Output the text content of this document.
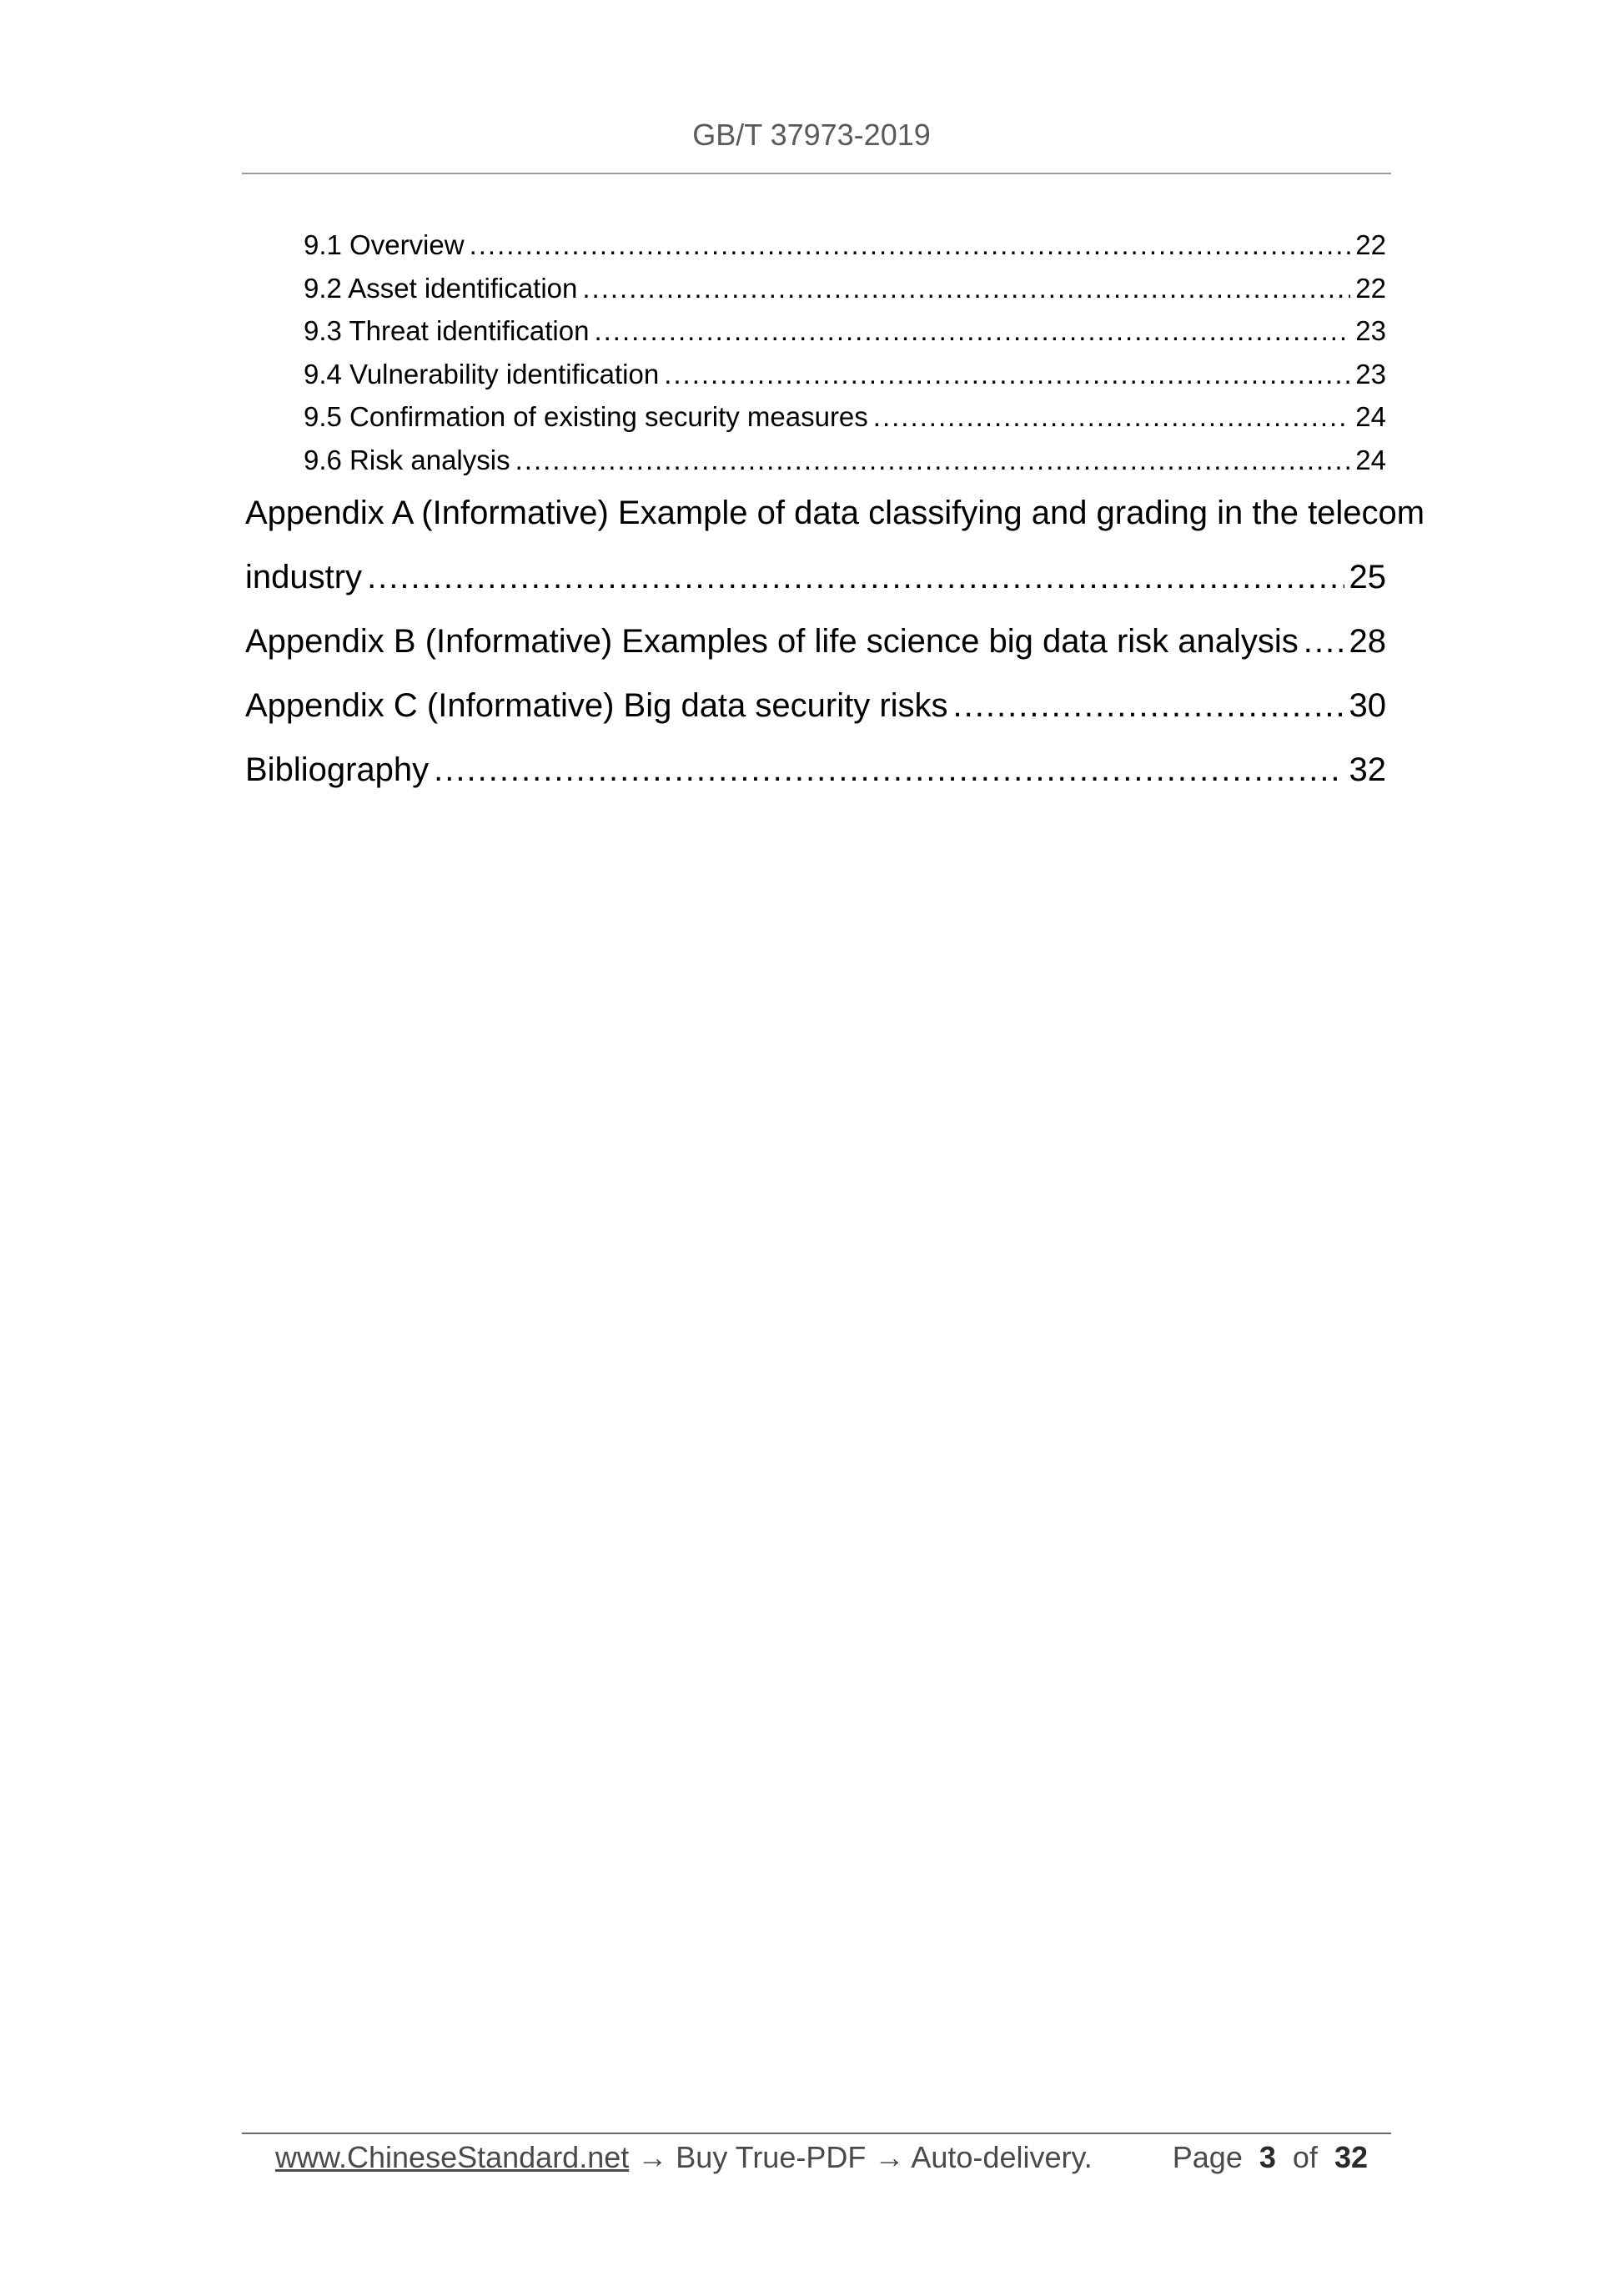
GB/T 37973-2019
9.1 Overview .....	22
9.2 Asset identification .....	22
9.3 Threat identification .....	23
9.4 Vulnerability identification .....	23
9.5 Confirmation of existing security measures .....	24
9.6 Risk analysis .....	24
Appendix A (Informative) Example of data classifying and grading in the telecom
industry .....	25
Appendix B (Informative) Examples of life science big data risk analysis ..... 28
Appendix C (Informative) Big data security risks .....	30
Bibliography .....	32
www.ChineseStandard.net → Buy True-PDF → Auto-delivery.	Page 3 of 32
